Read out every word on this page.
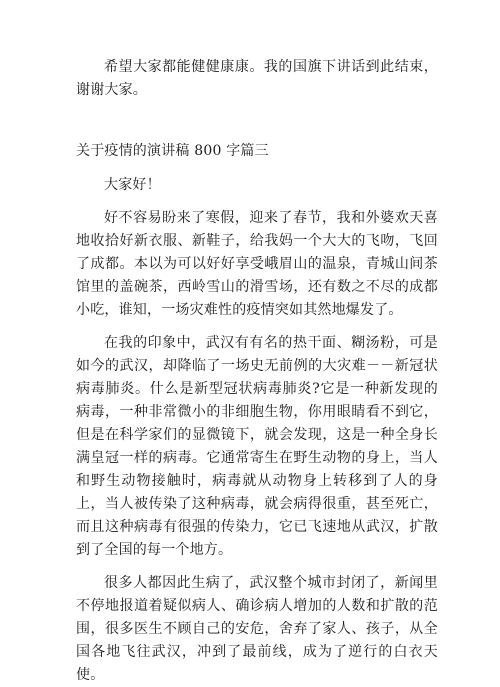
希望大家都能健健康康。我的国旗下讲话到此结束，谢谢大家。

关于疫情的演讲稿 800 字篇三

大家好！

好不容易盼来了寒假，迎来了春节，我和外婆欢天喜地收拾好新衣服、新鞋子，给我妈一个大大的飞吻，飞回了成都。本以为可以好好享受峨眉山的温泉，青城山间茶馆里的盖碗茶，西岭雪山的滑雪场，还有数之不尽的成都小吃，谁知，一场灾难性的疫情突如其然地爆发了。

在我的印象中，武汉有有名的热干面、糊汤粉，可是如今的武汉，却降临了一场史无前例的大灾难－－新冠状病毒肺炎。什么是新型冠状病毒肺炎?它是一种新发现的病毒，一种非常微小的非细胞生物，你用眼睛看不到它，但是在科学家们的显微镜下，就会发现，这是一种全身长满皇冠一样的病毒。它通常寄生在野生动物的身上，当人和野生动物接触时，病毒就从动物身上转移到了人的身上，当人被传染了这种病毒，就会病得很重，甚至死亡，而且这种病毒有很强的传染力，它已飞速地从武汉，扩散到了全国的每一个地方。

很多人都因此生病了，武汉整个城市封闭了，新闻里不停地报道着疑似病人、确诊病人增加的人数和扩散的范围，很多医生不顾自己的安危，舍弃了家人、孩子，从全国各地飞往武汉，冲到了最前线，成为了逆行的白衣天使。
